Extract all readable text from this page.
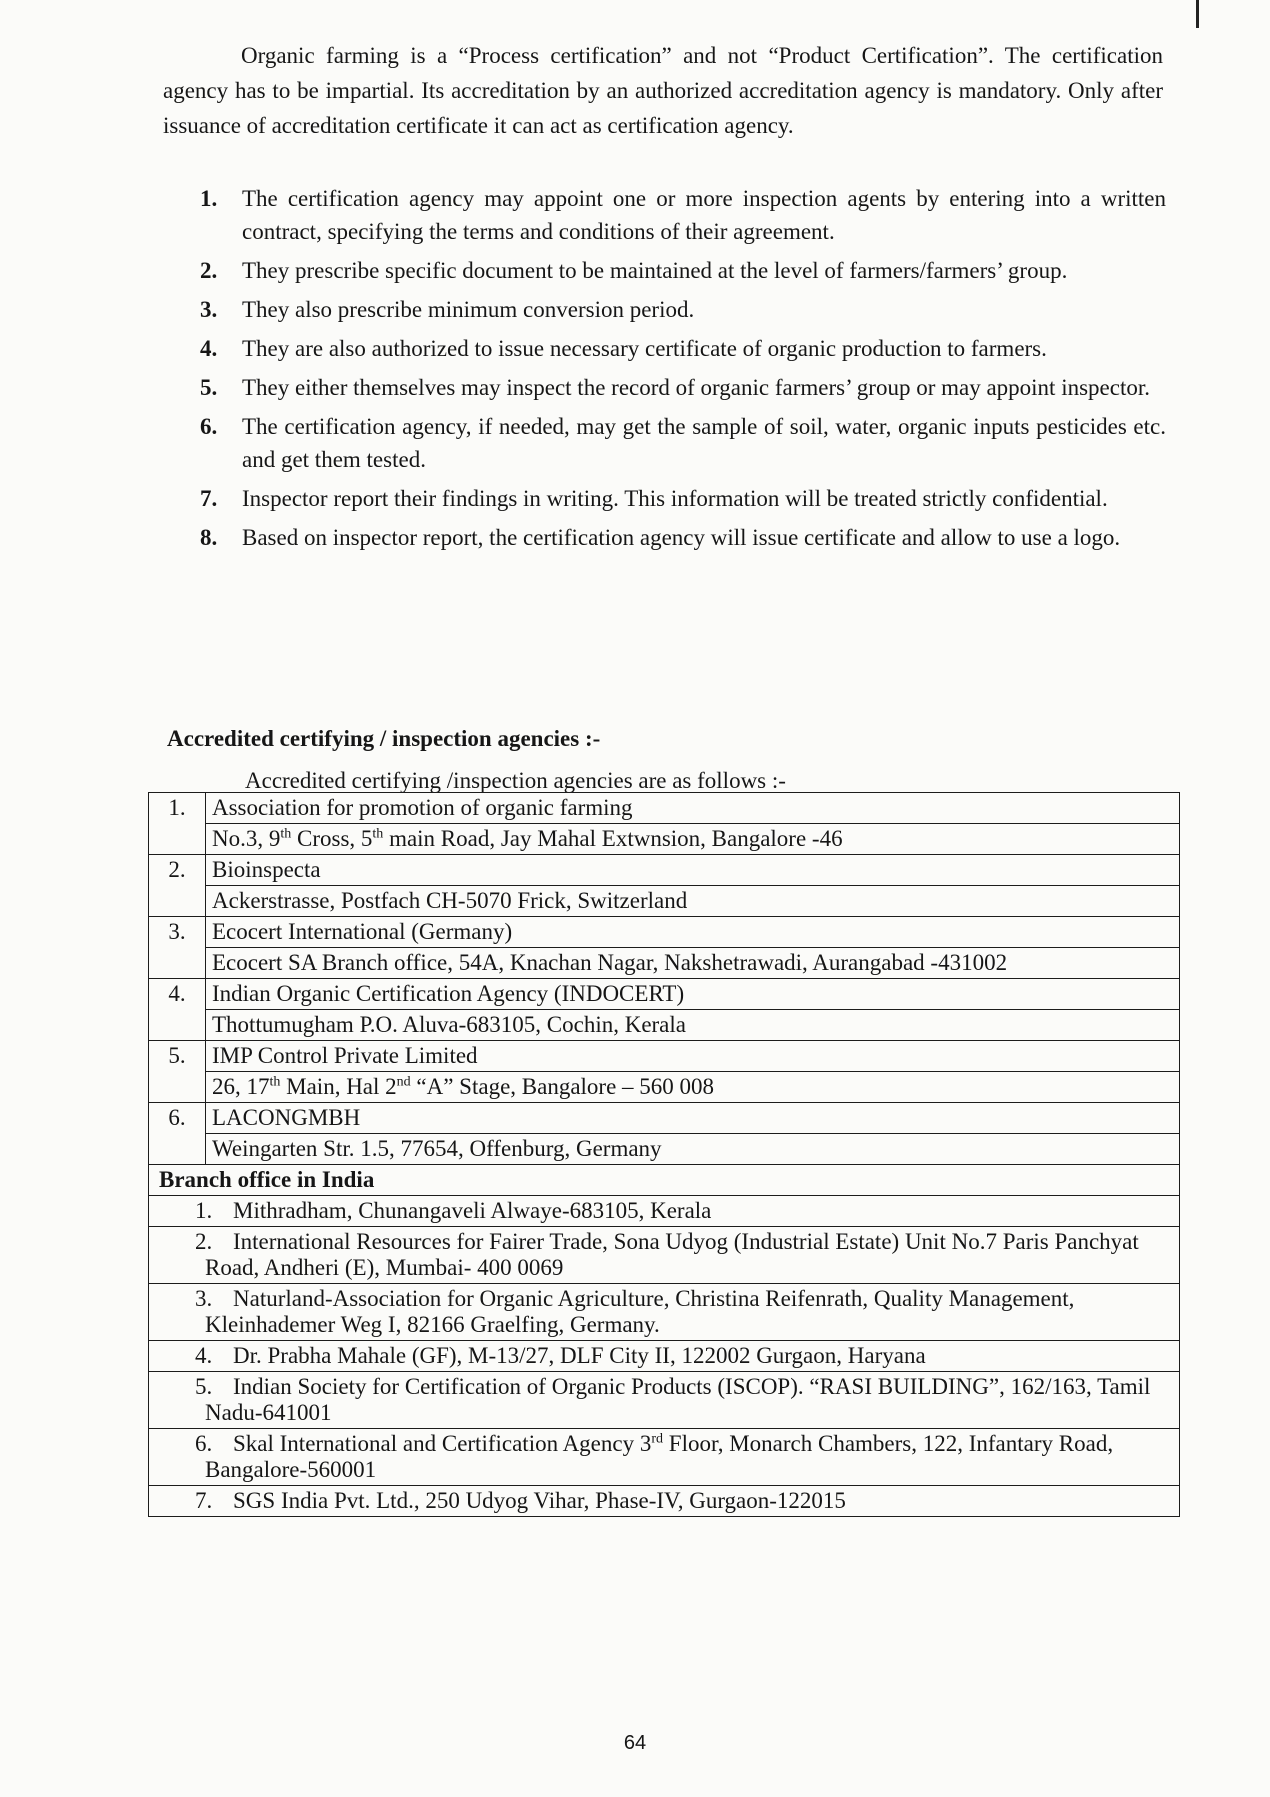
Organic farming is a “Process certification” and not “Product Certification”. The certification agency has to be impartial. Its accreditation by an authorized accreditation agency is mandatory. Only after issuance of accreditation certificate it can act as certification agency.

1. The certification agency may appoint one or more inspection agents by entering into a written contract, specifying the terms and conditions of their agreement.
2. They prescribe specific document to be maintained at the level of farmers/farmers’ group.
3. They also prescribe minimum conversion period.
4. They are also authorized to issue necessary certificate of organic production to farmers.
5. They either themselves may inspect the record of organic farmers’ group or may appoint inspector.
6. The certification agency, if needed, may get the sample of soil, water, organic inputs pesticides etc. and get them tested.
7. Inspector report their findings in writing. This information will be treated strictly confidential.
8. Based on inspector report, the certification agency will issue certificate and allow to use a logo.
Accredited certifying / inspection agencies :-
Accredited certifying /inspection agencies are as follows :-
1.	Association for promotion of organic farming
	No.3, 9th Cross, 5th main Road, Jay Mahal Extwnsion, Bangalore -46
2.	Bioinspecta
	Ackerstrasse, Postfach CH-5070 Frick, Switzerland
3.	Ecocert International (Germany)
	Ecocert SA Branch office, 54A, Knachan Nagar, Nakshetrawadi, Aurangabad -431002
4.	Indian Organic Certification Agency (INDOCERT)
	Thottumugham P.O. Aluva-683105, Cochin, Kerala
5.	IMP Control Private Limited
	26, 17th Main, Hal 2nd “A” Stage, Bangalore – 560 008
6.	LACONGMBH
	Weingarten Str. 1.5, 77654, Offenburg, Germany
Branch office in India	
1. Mithradham, Chunangaveli Alwaye-683105, Kerala	
2. International Resources for Fairer Trade, Sona Udyog (Industrial Estate) Unit No.7 Paris Panchyat Road, Andheri (E), Mumbai- 400 0069	
3. Naturland-Association for Organic Agriculture, Christina Reifenrath, Quality Management, Kleinhademer Weg I, 82166 Graelfing, Germany.	
4. Dr. Prabha Mahale (GF), M-13/27, DLF City II, 122002 Gurgaon, Haryana	
5. Indian Society for Certification of Organic Products (ISCOP). “RASI BUILDING”, 162/163, Tamil Nadu-641001	
6. Skal International and Certification Agency 3rd Floor, Monarch Chambers, 122, Infantary Road, Bangalore-560001	
7. SGS India Pvt. Ltd., 250 Udyog Vihar, Phase-IV, Gurgaon-122015	
64
